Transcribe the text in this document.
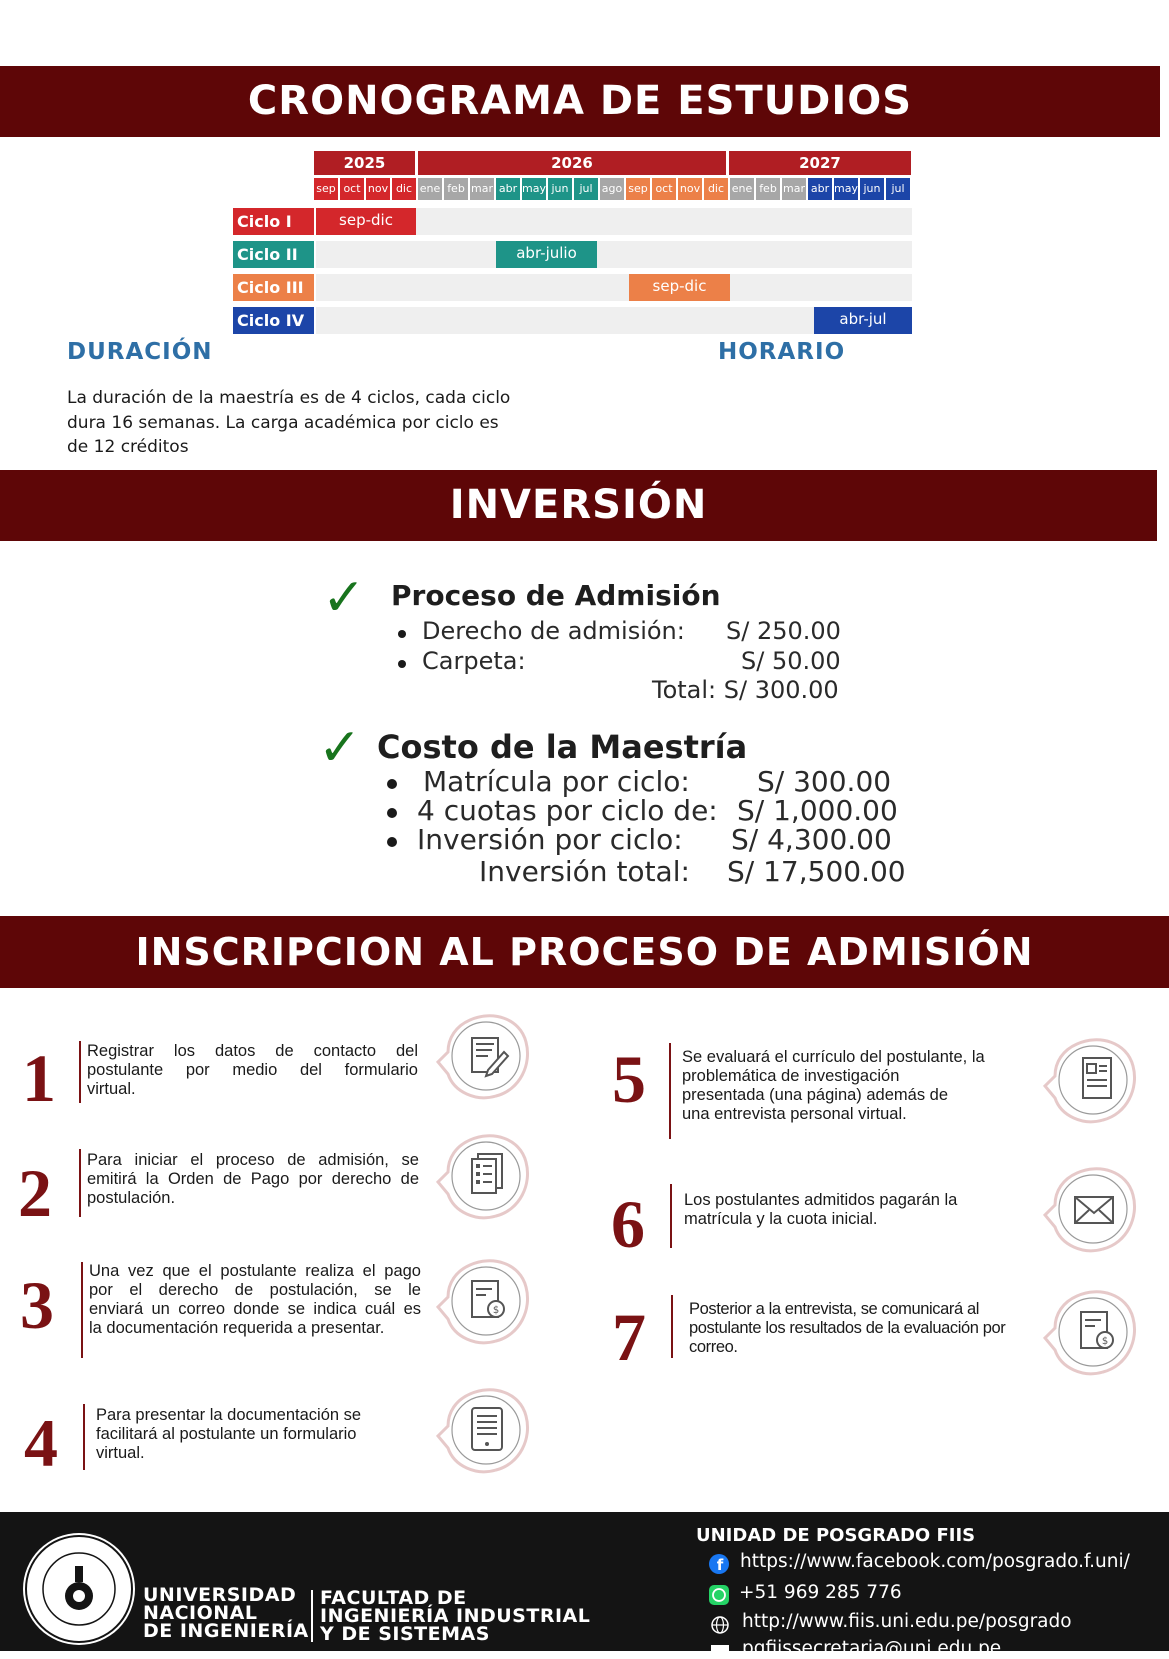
CRONOGRAMA DE ESTUDIOS
2025	2026	2027
sep oct nov dic ene feb mar abr may jun jul ago sep oct nov dic ene feb mar abr may jun jul
Ciclo I	sep-dic
Ciclo II	abr-julio
Ciclo III	sep-dic
Ciclo IV	abr-jul
DURACIÓN	HORARIO
La duración de la maestría es de 4 ciclos, cada ciclo
dura 16 semanas. La carga académica por ciclo es
de 12 créditos
INVERSIÓN
✓ Proceso de Admisión
Derecho de admisión: S/ 250.00
Carpeta:	S/ 50.00
Total: S/ 300.00
✓ Costo de la Maestría
Matrícula por ciclo: S/ 300.00
4 cuotas por ciclo de: S/ 1,000.00
Inversión por ciclo: S/ 4,300.00
Inversión total: S/ 17,500.00
INSCRIPCION AL PROCESO DE ADMISIÓN
1 Registrar los datos de contacto del
postulante por medio del formulario
virtual.
2 Para iniciar el proceso de admisión, se
emitirá la Orden de Pago por derecho de
postulación.
3 Una vez que el postulante realiza el pago
por el derecho de postulación, se le
enviará un correo donde se indica cuál es
la documentación requerida a presentar.
$
4 Para presentar la documentación se
facilitará al postulante un formulario
virtual.
5 Se evaluará el currículo del postulante, la
problemática de investigación
presentada (una página) además de
una entrevista personal virtual.
6 Los postulantes admitidos pagarán la
matrícula y la cuota inicial.
7	Posterior a la entrevista, se comunicará al
postulante los resultados de la evaluación por
correo.	$
UNIVERSIDAD
NACIONAL
DE INGENIERÍA
FACULTAD DE
INGENIERÍA INDUSTRIAL
Y DE SISTEMAS
UNIDAD DE POSGRADO FIIS
f https://www.facebook.com/posgrado.f.uni/
+51 969 285 776
http://www.fiis.uni.edu.pe/posgrado
pgfiissecretaria@uni.edu.pe
